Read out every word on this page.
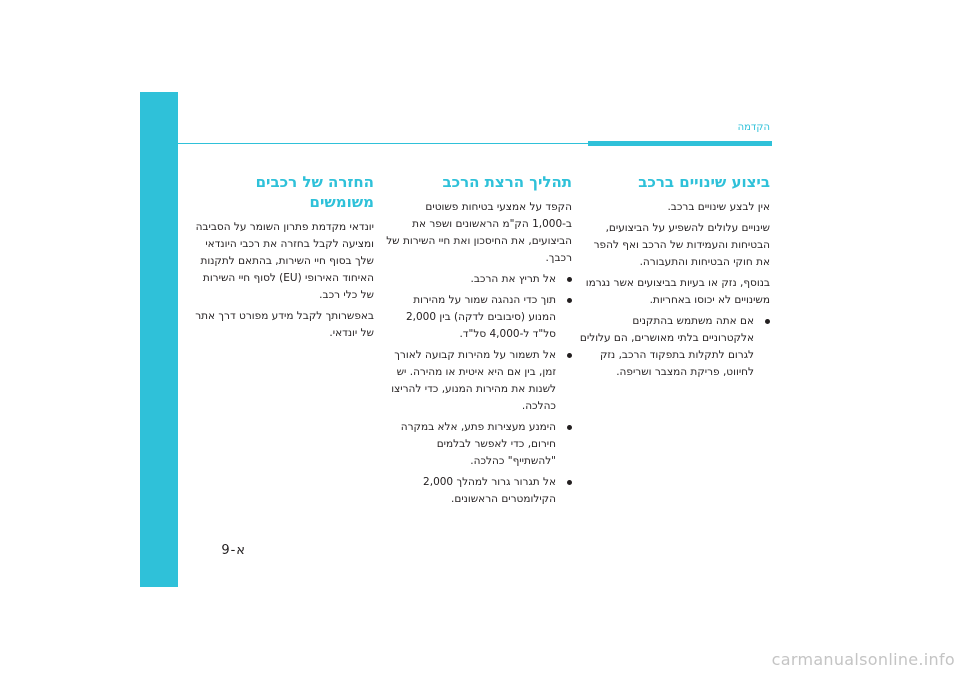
א-9
הקדמה
ביצוע שינויים ברכב

אין לבצע שינויים ברכב.

שינויים עלולים להשפיע על הביצועים, הבטיחות והעמידות של הרכב ואף להפר את חוקי הבטיחות והתעבורה.

בנוסף, נזק או בעיות בביצועים אשר נגרמו משינויים לא יכוסו באחריות.

אם אתה משתמש בהתקנים אלקטרוניים בלתי מאושרים, הם עלולים לגרום לתקלות בתפקוד הרכב, נזק לחיווט, פריקת המצבר ושריפה.
תהליך הרצת הרכב

הקפד על אמצעי בטיחות פשוטים ב-1,000 הק"מ הראשונים ושפר את הביצועים, את החיסכון ואת חיי השירות של רכבך.

אל תריץ את הרכב.
תוך כדי הנהגה שמור על מהירות המנוע (סיבובים לדקה) בין 2,000 סל"ד ל-4,000 סל"ד.
אל תשמור על מהירות קבועה לאורך זמן, בין אם היא איטית או מהירה. יש לשנות את מהירות המנוע, כדי להריצו כהלכה.
הימנע מעצירות פתע, אלא במקרה חירום, כדי לאפשר לבלמים "להשתייף" כהלכה.
אל תגרור גרור למהלך 2,000 הקילומטרים הראשונים.
החזרה של רכבים משומשים

יונדאי מקדמת פתרון השומר על הסביבה ומציעה לקבל בחזרה את רכבי היונדאי שלך בסוף חיי השירות, בהתאם לתקנות האיחוד האירופי (EU) לסוף חיי השירות של כלי רכב.

באפשרותך לקבל מידע מפורט דרך אתר של יונדאי.

carmanualsonline.info
